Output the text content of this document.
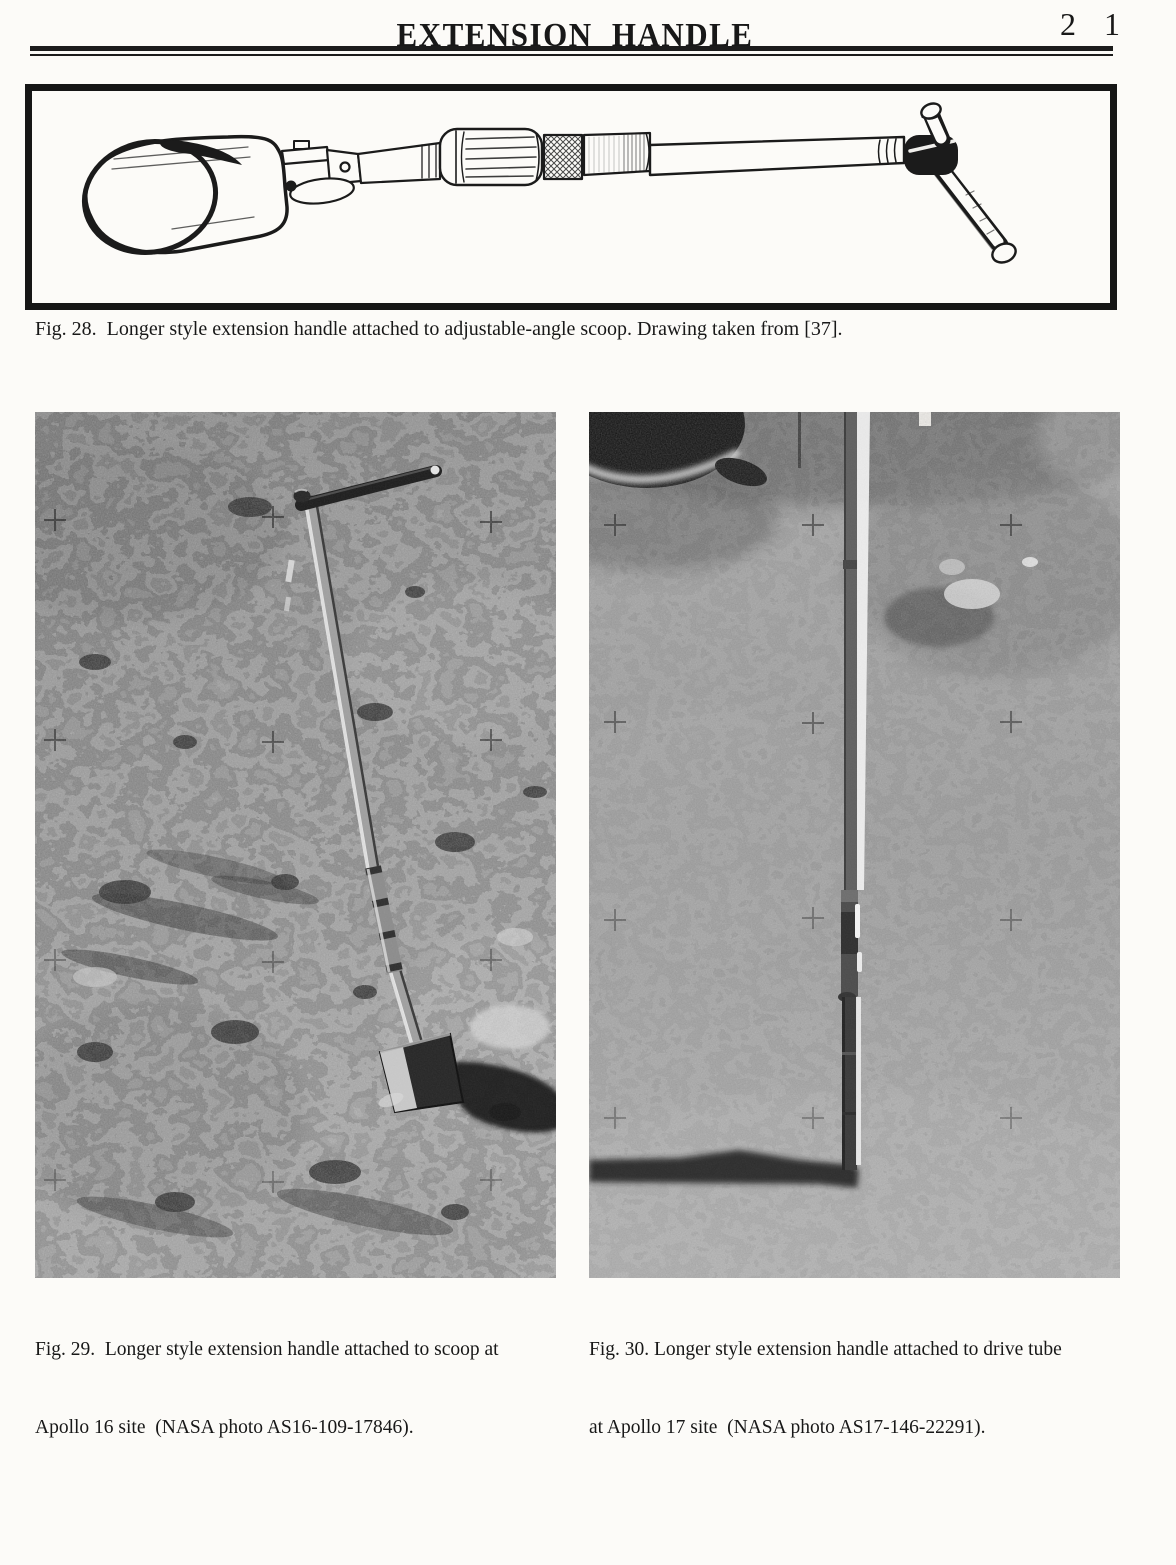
EXTENSION HANDLE	2 1
Fig. 28.  Longer style extension handle attached to adjustable-angle scoop. Drawing taken from [37].

Fig. 29.  Longer style extension handle attached to scoop at

Apollo 16 site  (NASA photo AS16-109-17846).

Fig. 30. Longer style extension handle attached to drive tube

at Apollo 17 site  (NASA photo AS17-146-22291).
